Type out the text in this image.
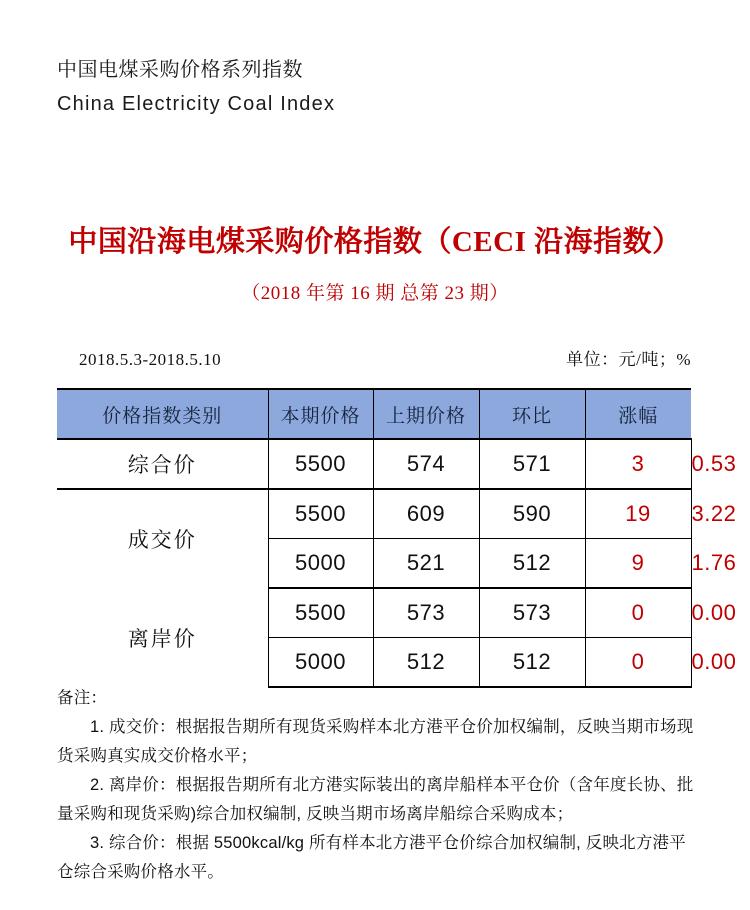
中国电煤采购价格系列指数
China Electricity Coal Index
中国沿海电煤采购价格指数（CECI 沿海指数）
（2018 年第 16 期 总第 23 期）
2018.5.3-2018.5.10	单位：元/吨；%
价格指数类别	本期价格	上期价格	环比	涨幅	
综合价	5500	574	571	3	0.53
成交价	5500	609	590	19	3.22
	5000	521	512	9	1.76
离岸价	5500	573	573	0	0.00
	5000	512	512	0	0.00
备注：
1. 成交价：根据报告期所有现货采购样本北方港平仓价加权编制，反映当期市场现货采购真实成交价格水平；
2. 离岸价：根据报告期所有北方港实际装出的离岸船样本平仓价（含年度长协、批量采购和现货采购)综合加权编制, 反映当期市场离岸船综合采购成本；
3. 综合价：根据 5500kcal/kg 所有样本北方港平仓价综合加权编制, 反映北方港平仓综合采购价格水平。
